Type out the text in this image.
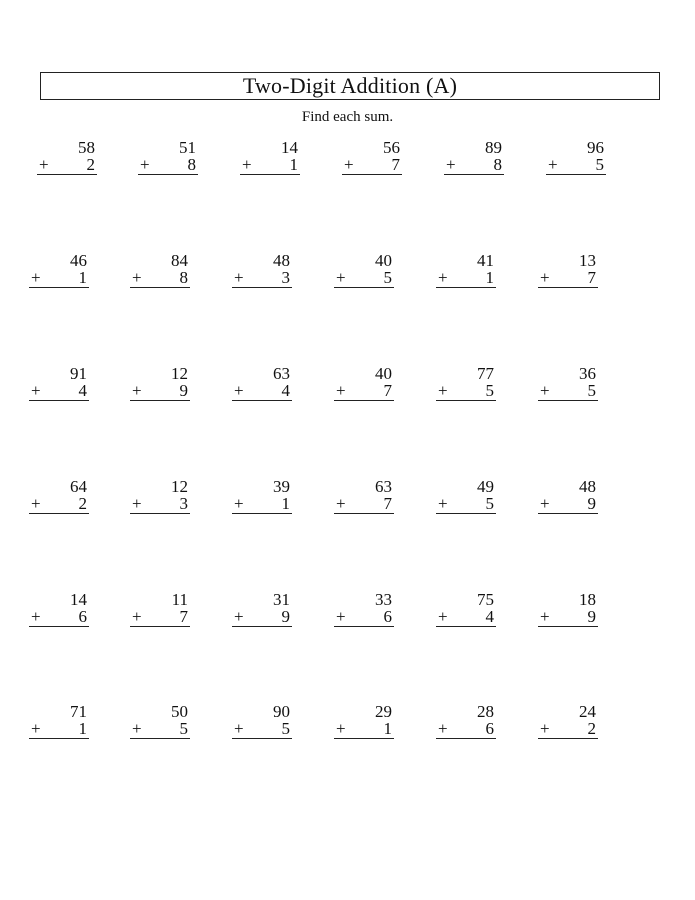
Two-Digit Addition (A)
Find each sum.
58
+ 2
51
+ 8
14
+ 1
56
+ 7
89
+ 8
96
+ 5
46
+ 1
84
+ 8
48
+ 3
40
+ 5
41
+ 1
13
+ 7
91
+ 4
12
+ 9
63
+ 4
40
+ 7
77
+ 5
36
+ 5
64
+ 2
12
+ 3
39
+ 1
63
+ 7
49
+ 5
48
+ 9
14
+ 6
11
+ 7
31
+ 9
33
+ 6
75
+ 4
18
+ 9
71
+ 1
50
+ 5
90
+ 5
29
+ 1
28
+ 6
24
+ 2
